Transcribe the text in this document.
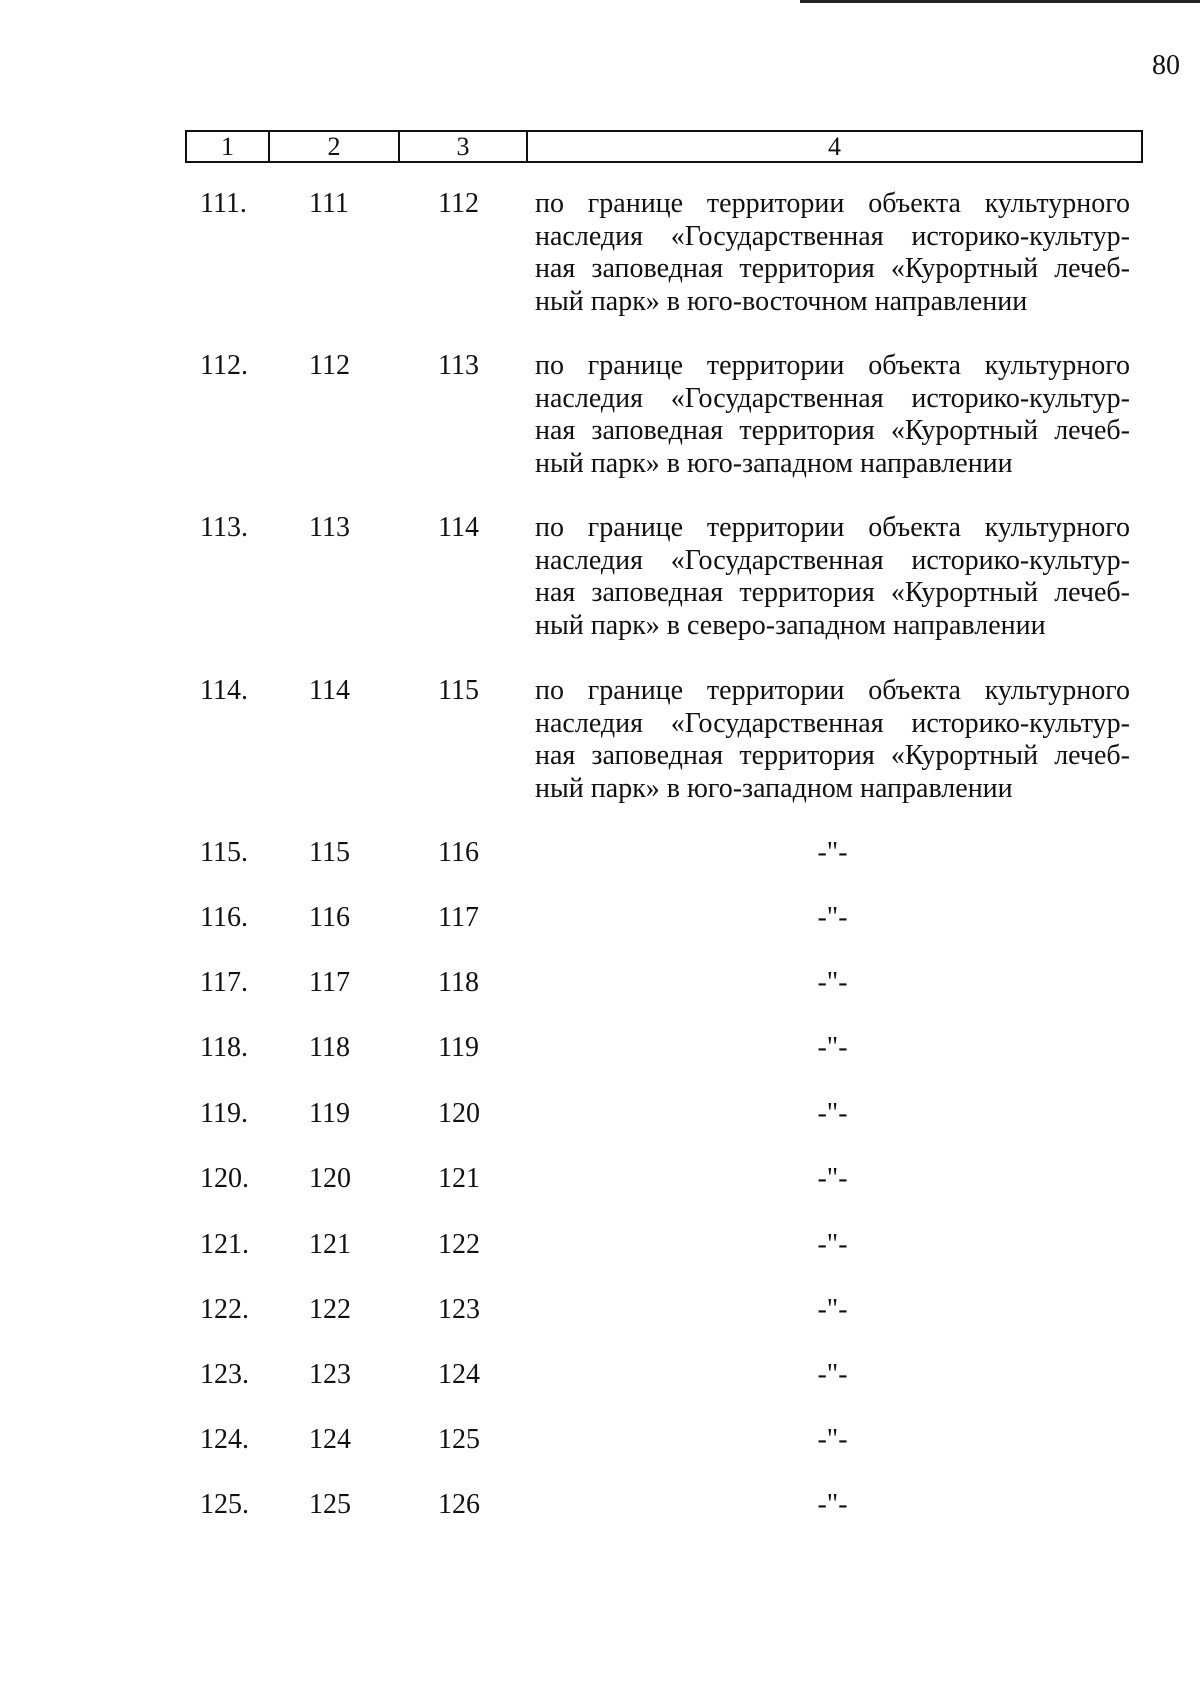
80
1	2	3	4
111.	111	112	по границе территории объекта культурного
наследия «Государственная историко-культур-
ная заповедная территория «Курортный лечеб-
ный парк» в юго-восточном направлении
112.	112	113	по границе территории объекта культурного
наследия «Государственная историко-культур-
ная заповедная территория «Курортный лечеб-
ный парк» в юго-западном направлении
113.	113	114	по границе территории объекта культурного
наследия «Государственная историко-культур-
ная заповедная территория «Курортный лечеб-
ный парк» в северо-западном направлении
114.	114	115	по границе территории объекта культурного
наследия «Государственная историко-культур-
ная заповедная территория «Курортный лечеб-
ный парк» в юго-западном направлении
115.	115	116	-"-
116.	116	117	-"-
117.	117	118	-"-
118.	118	119	-"-
119.	119	120	-"-
120.	120	121	-"-
121.	121	122	-"-
122.	122	123	-"-
123.	123	124	-"-
124.	124	125	-"-
125.	125	126	-"-
